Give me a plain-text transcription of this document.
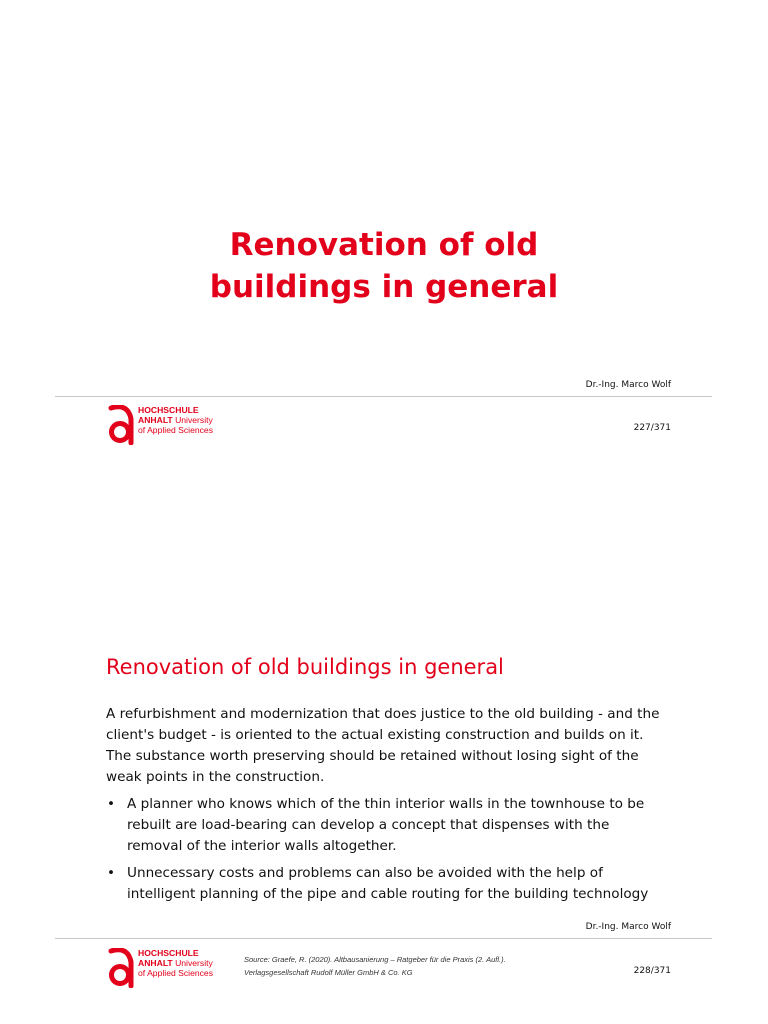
Renovation of old
buildings in general
Dr.-Ing. Marco Wolf
HOCHSCHULE
ANHALT University
of Applied Sciences	227/371
Renovation of old buildings in general
A refurbishment and modernization that does justice to the old building - and the client's budget - is oriented to the actual existing construction and builds on it. The substance worth preserving should be retained without losing sight of the weak points in the construction.
• A planner who knows which of the thin interior walls in the townhouse to be rebuilt are load-bearing can develop a concept that dispenses with the removal of the interior walls altogether.
• Unnecessary costs and problems can also be avoided with the help of intelligent planning of the pipe and cable routing for the building technology
Dr.-Ing. Marco Wolf
HOCHSCHULE
ANHALT University
of Applied Sciences
Source: Graefe, R. (2020). Altbausanierung – Ratgeber für die Praxis (2. Aufl.).
Verlagsgesellschaft Rudolf Müller GmbH & Co. KG	228/371
